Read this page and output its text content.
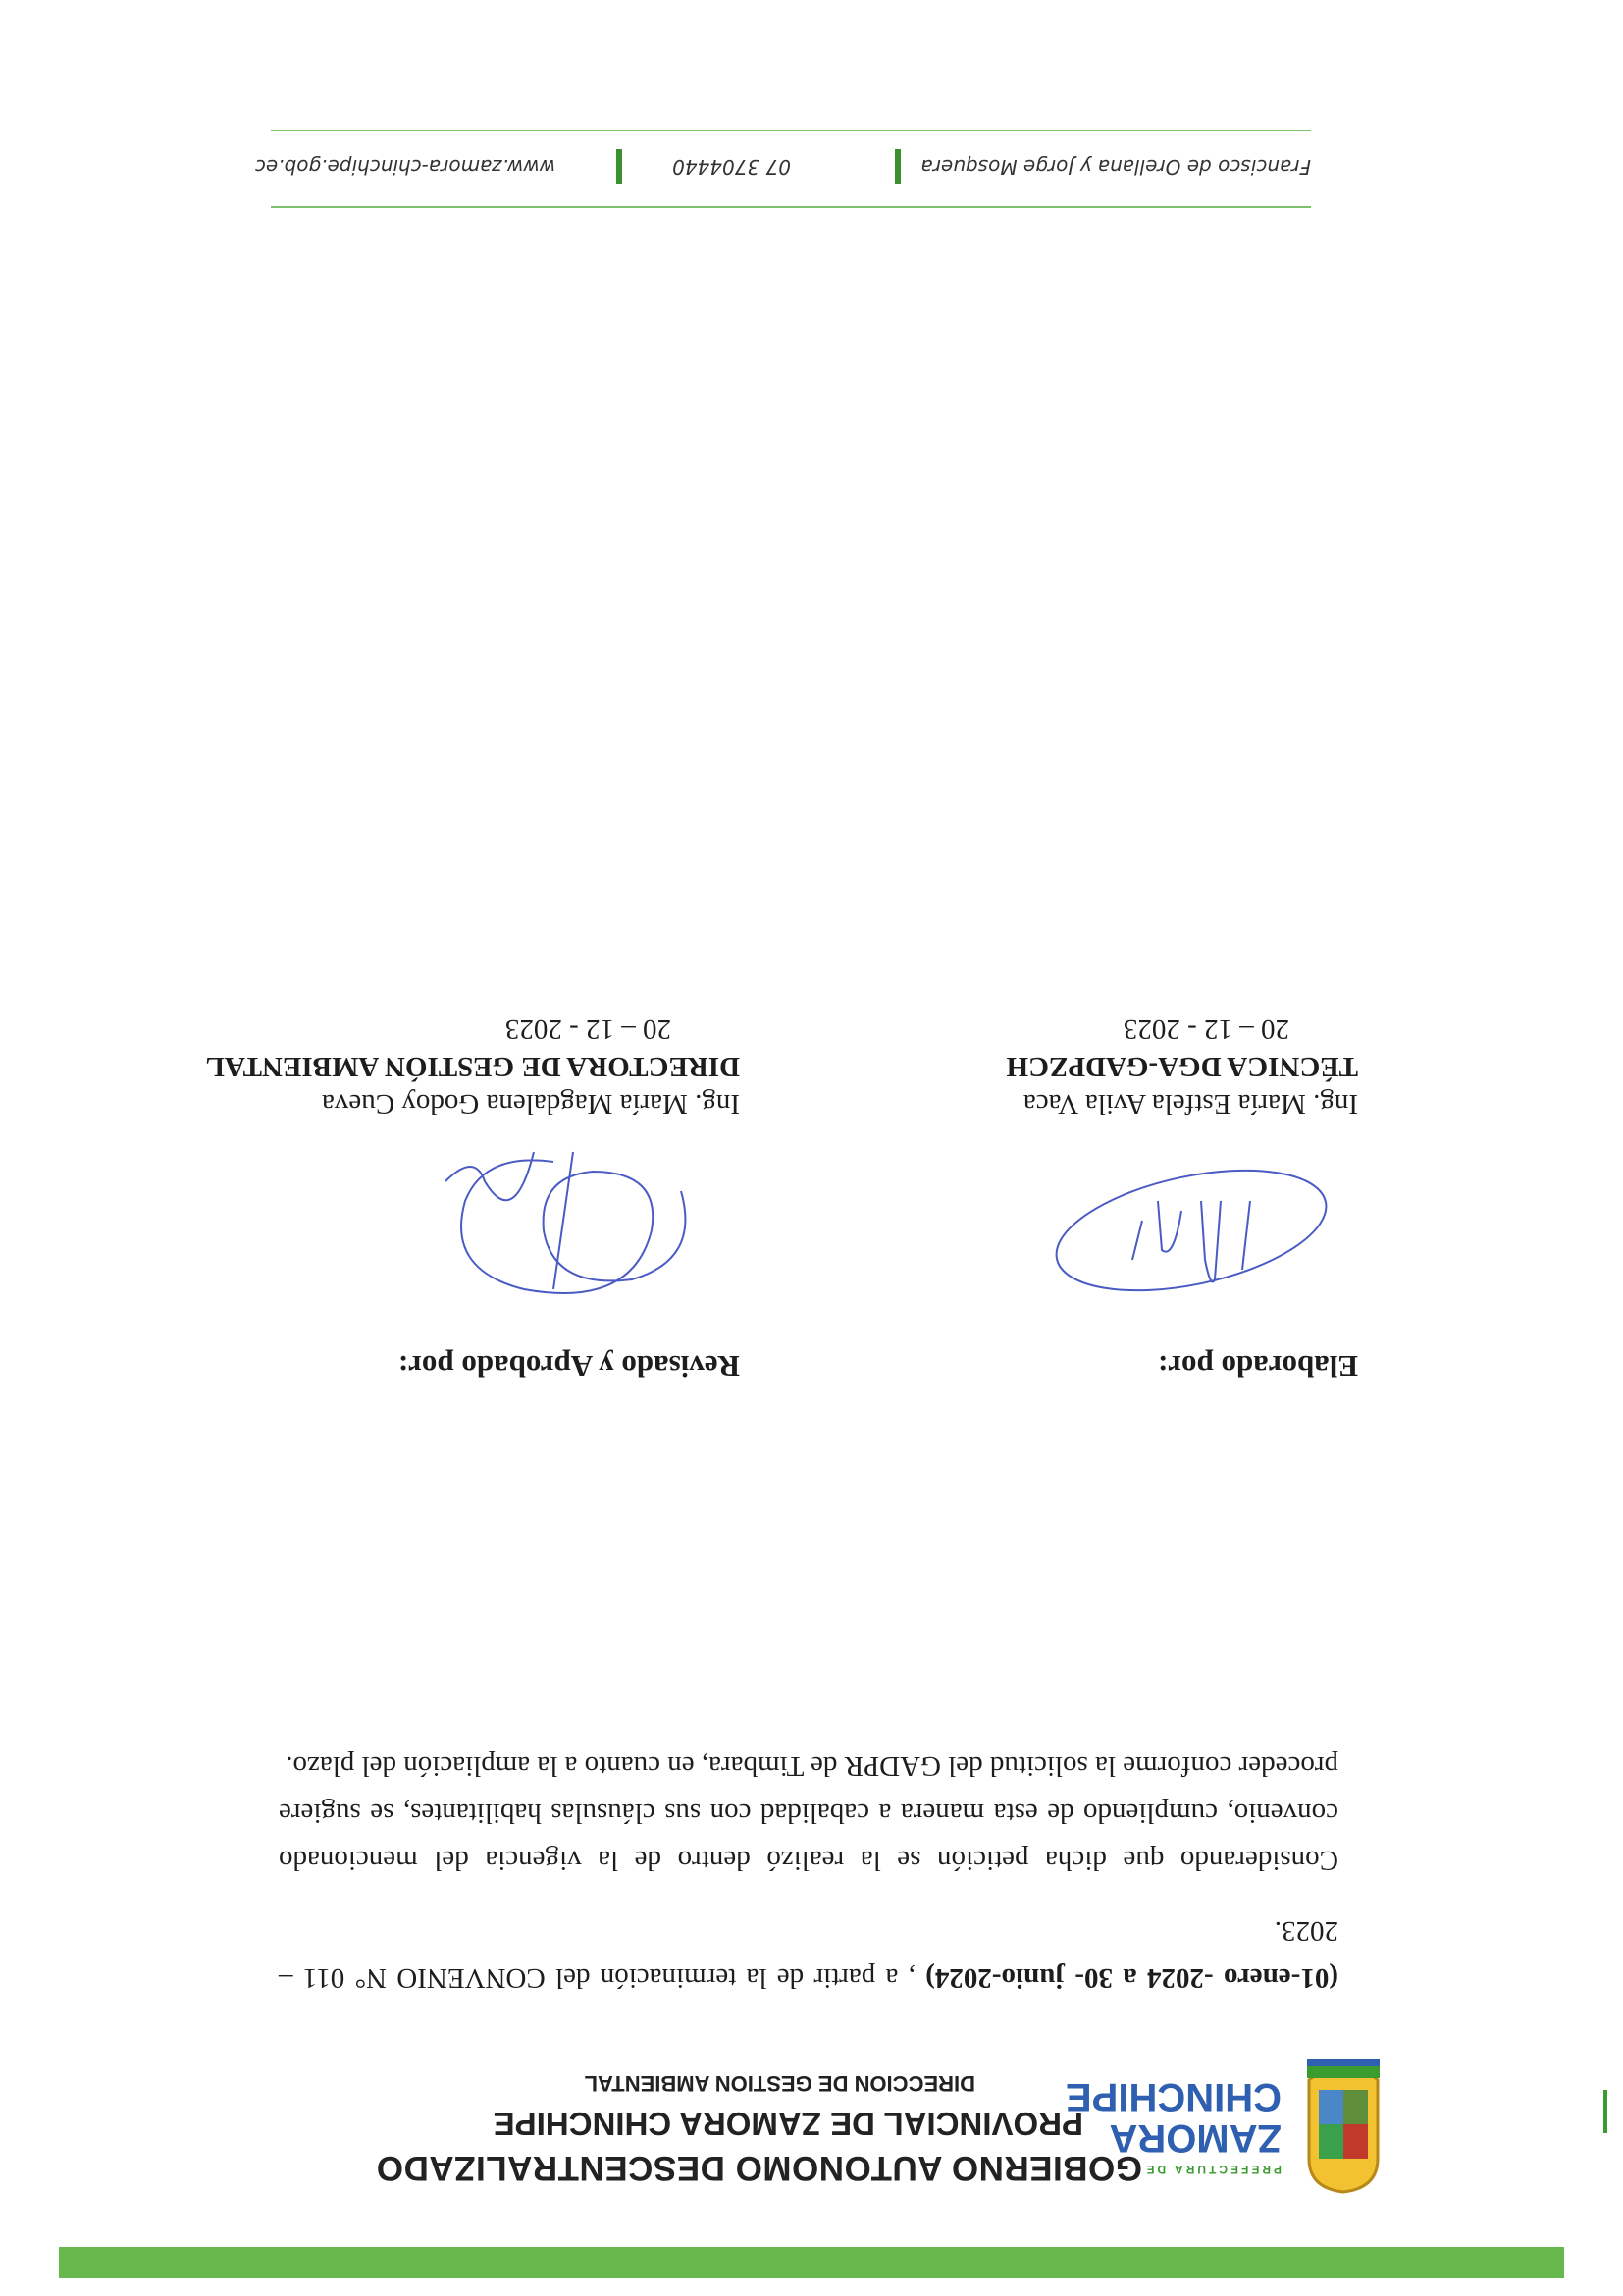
Francisco de Orellana y Jorge Mosquera
07 3704440
www.zamora-chinchipe.gob.ec
PREFECTURA DE
ZAMORA
CHINCHIPE

GOBIERNO AUTONOMO DESCENTRALIZADO

PROVINCIAL DE ZAMORA CHINCHIPE

DIRECCION DE GESTION AMBIENTAL

(01-enero -2024 a 30- junio-2024) , a partir de la terminación del CONVENIO N° 011 – 2023.

Considerando que dicha petición se la realizó dentro de la vigencia del mencionado convenio, cumpliendo de esta manera a cabalidad con sus cláusulas habilitantes, se sugiere proceder conforme la solicitud del GADPR de Timbara, en cuanto a la ampliación del plazo.

Elaborado por:

Ing. María Estfela Avila Vaca

TÉCNICA DGA-GADPZCH

20 – 12 - 2023

Revisado y Aprobado por:

Ing. María Magdalena Godoy Cueva

DIRECTORA DE GESTIÓN AMBIENTAL

20 – 12 - 2023
